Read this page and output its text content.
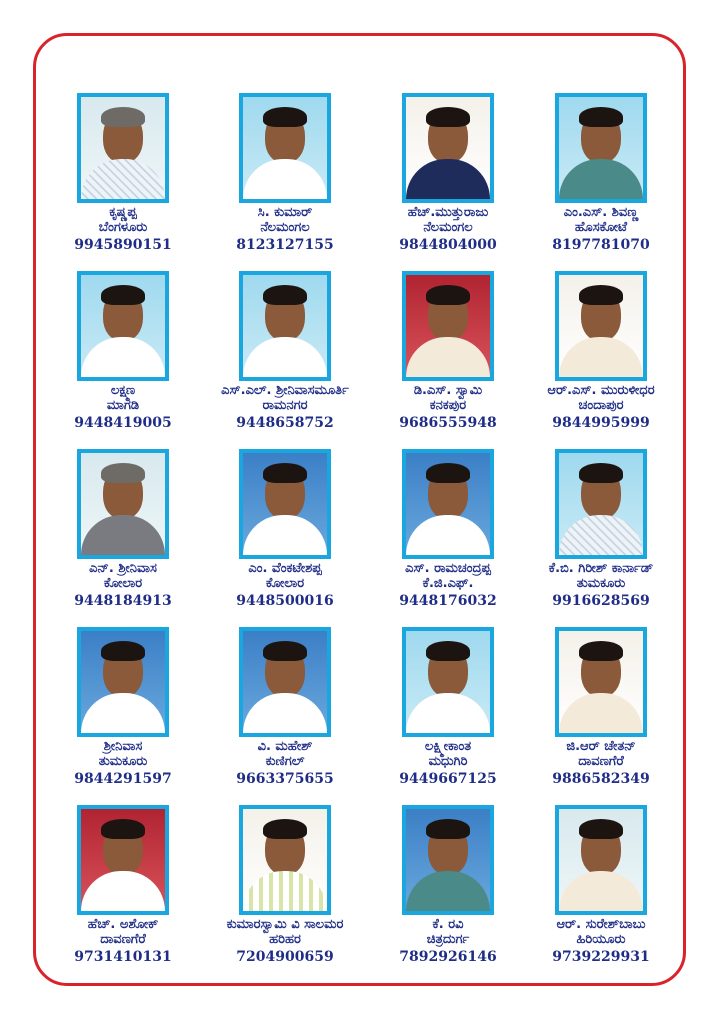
ಕೃಷ್ಣಪ್ಪ
ಬೆಂಗಳೂರು
9945890151
ಸಿ. ಕುಮಾರ್
ನೆಲಮಂಗಲ
8123127155
ಹೆಚ್.ಮುತ್ತುರಾಜು
ನೆಲಮಂಗಲ
9844804000
ಎಂ.ಎಸ್. ಶಿವಣ್ಣ
ಹೊಸಕೋಟೆ
8197781070
ಲಕ್ಷ್ಮಣ
ಮಾಗಡಿ
9448419005
ಎಸ್.ಎಲ್. ಶ್ರೀನಿವಾಸಮೂರ್ತಿ
ರಾಮನಗರ
9448658752
ಡಿ.ಎಸ್. ಸ್ವಾಮಿ
ಕನಕಪುರ
9686555948
ಆರ್.ಎಸ್. ಮುರುಳೀಧರ
ಚಂದಾಪುರ
9844995999
ಎನ್. ಶ್ರೀನಿವಾಸ
ಕೋಲಾರ
9448184913
ಎಂ. ವೆಂಕಟೇಶಪ್ಪ
ಕೋಲಾರ
9448500016
ಎಸ್. ರಾಮಚಂದ್ರಪ್ಪ
ಕೆ.ಜಿ.ಎಫ್.
9448176032
ಕೆ.ಬಿ. ಗಿರೀಶ್ ಕಾರ್ನಾಡ್
ತುಮಕೂರು
9916628569
ಶ್ರೀನಿವಾಸ
ತುಮಕೂರು
9844291597
ವಿ. ಮಹೇಶ್
ಕುಣಿಗಲ್
9663375655
ಲಕ್ಷ್ಮೀಕಾಂತ
ಮಧುಗಿರಿ
9449667125
ಜಿ.ಆರ್ ಚೇತನ್
ದಾವಣಗೆರೆ
9886582349
ಹೆಚ್. ಅಶೋಕ್
ದಾವಣಗೆರೆ
9731410131
ಕುಮಾರಸ್ವಾಮಿ ವಿ ಸಾಲಮರ
ಹರಿಹರ
7204900659
ಕೆ. ರವಿ
ಚಿತ್ರದುರ್ಗ
7892926146
ಆರ್. ಸುರೇಶ್‌ಬಾಬು
ಹಿರಿಯೂರು
9739229931
